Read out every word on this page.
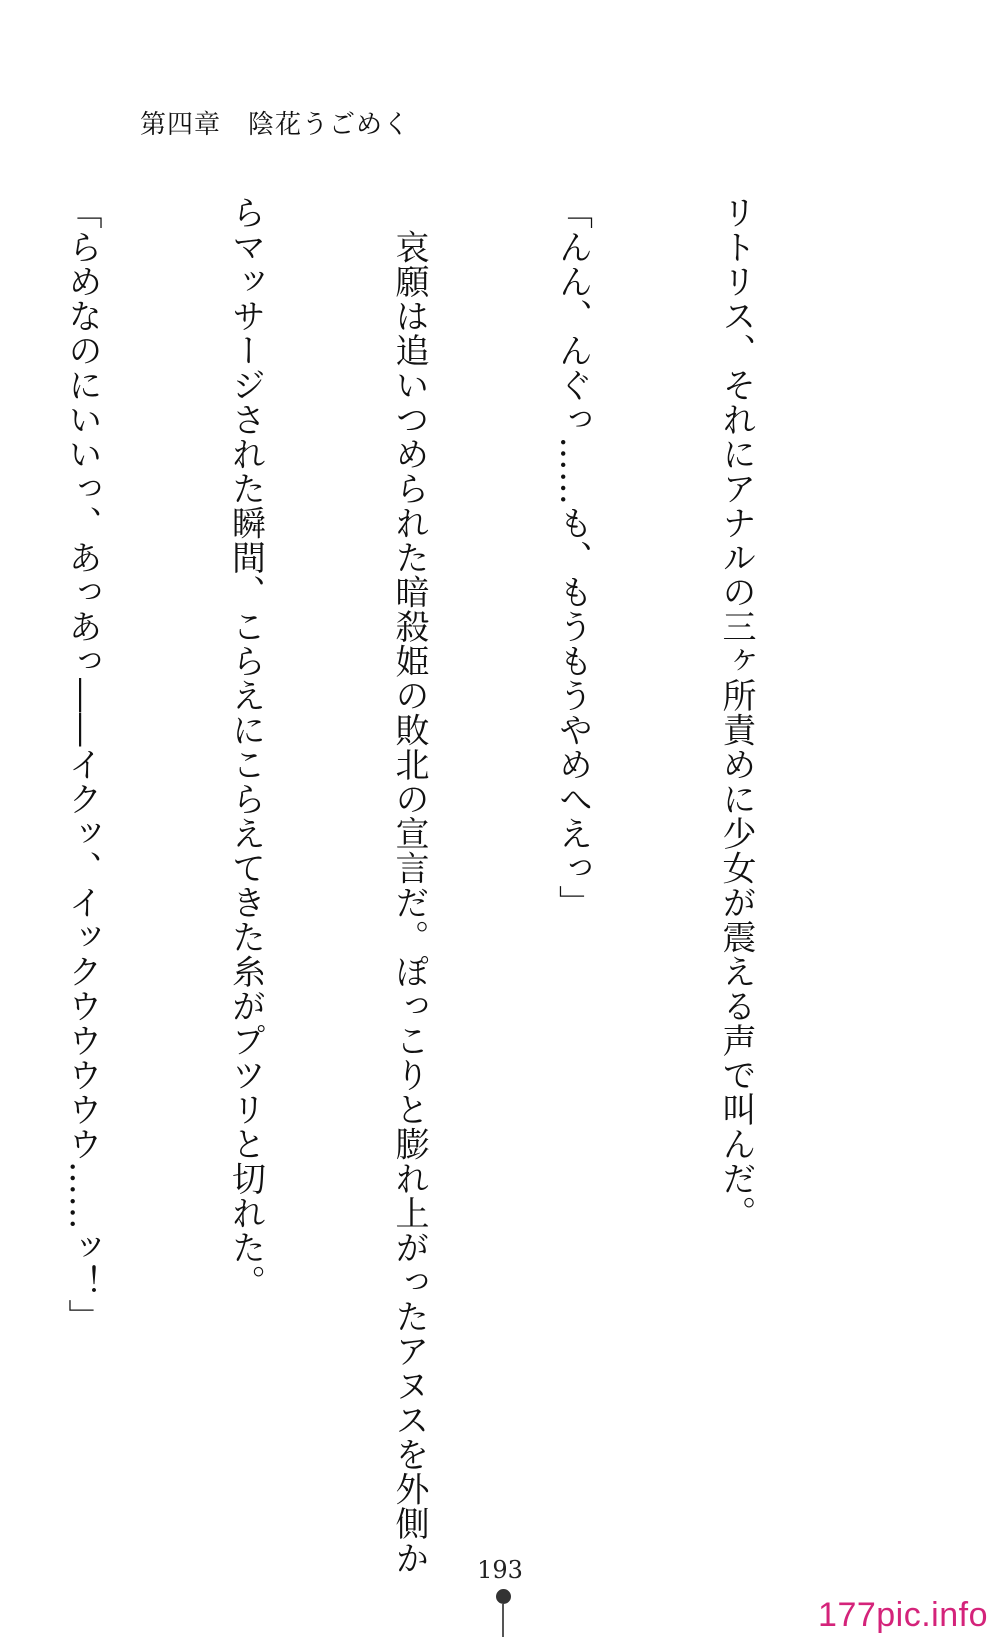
第四章　陰花うごめく

リトリス、それにアナルの三ヶ所責めに少女が震える声で叫んだ。

「んん、んぐっ……も、もうもうやめへえっ」

　哀願は追いつめられた暗殺姫の敗北の宣言だ。ぽっこりと膨れ上がったアヌスを外側か

らマッサージされた瞬間、こらえにこらえてきた糸がプツリと切れた。

「らめなのにいいっ、あっあっ――イクッ、イックウウウウウ……ッ！」

193
177pic.info
